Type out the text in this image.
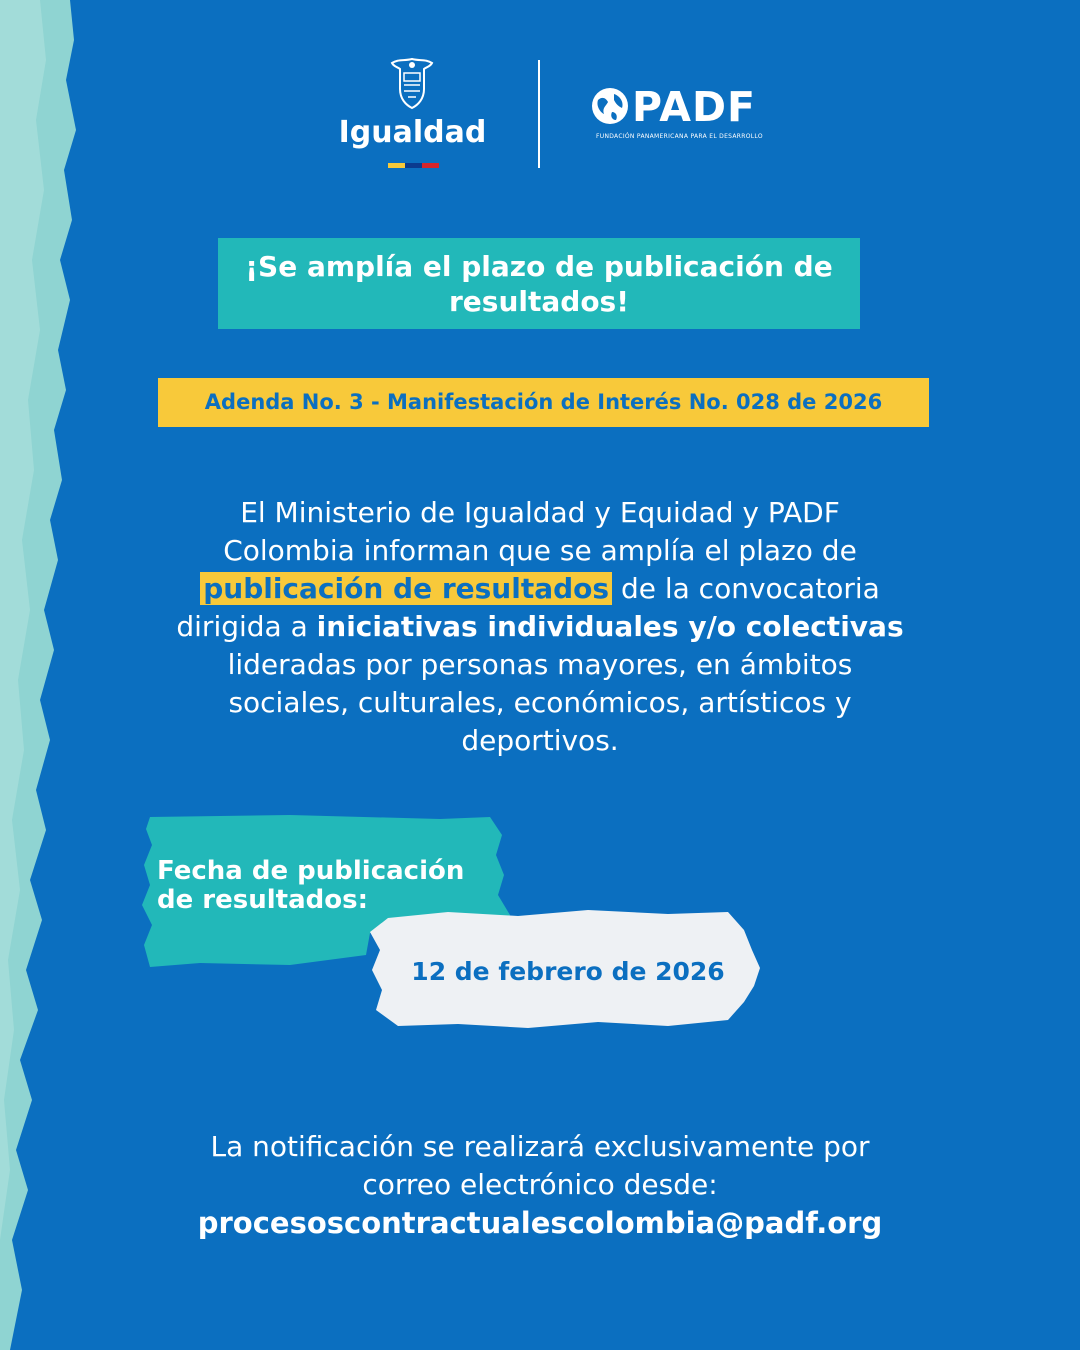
Igualdad
PADF
FUNDACIÓN PANAMERICANA PARA EL DESARROLLO
¡Se amplía el plazo de publicación de
resultados!
Adenda No. 3 - Manifestación de Interés No. 028 de 2026
El Ministerio de Igualdad y Equidad y PADF
Colombia informan que se amplía el plazo de
publicación de resultados de la convocatoria
dirigida a iniciativas individuales y/o colectivas
lideradas por personas mayores, en ámbitos
sociales, culturales, económicos, artísticos y
deportivos.
Fecha de publicación
de resultados:
12 de febrero de 2026
La notificación se realizará exclusivamente por
correo electrónico desde:
procesoscontractualescolombia@padf.org
